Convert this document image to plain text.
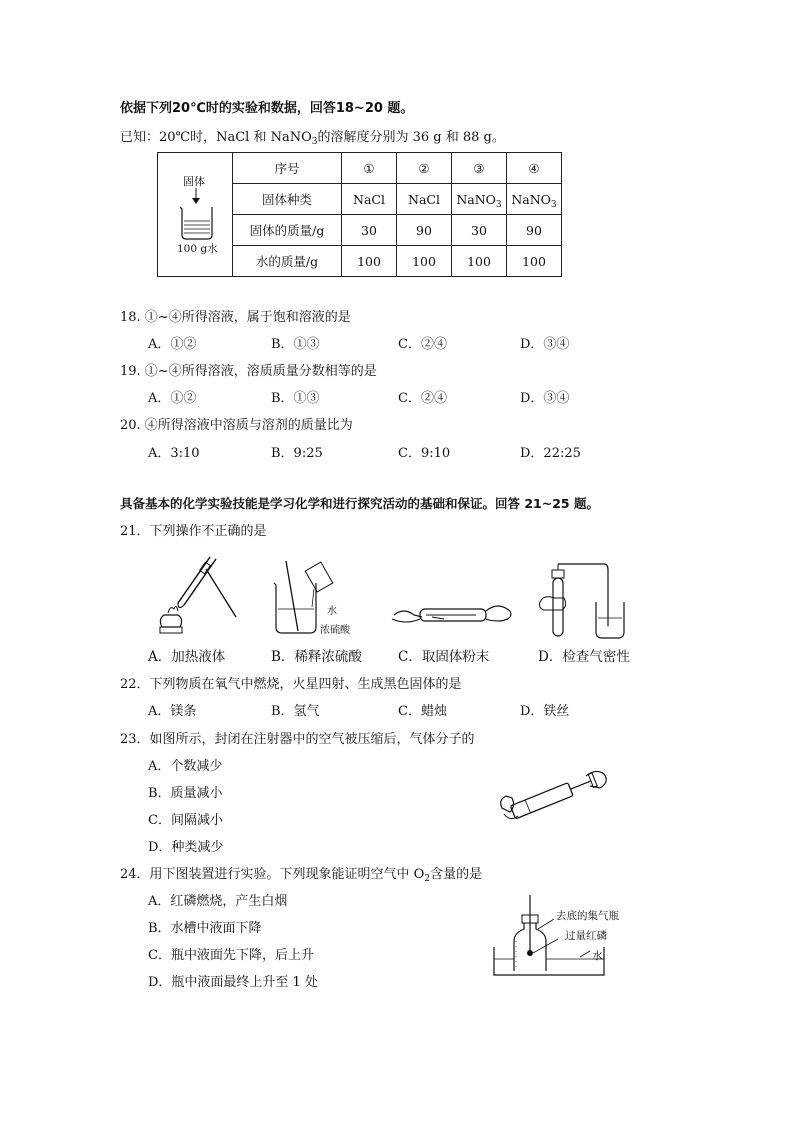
依据下列20℃时的实验和数据，回答18~20 题。
已知：20℃时，NaCl 和 NaNO$_3$的溶解度分别为 36 g 和 88 g。
固体
100 g水	序号	①	②	③	④
	固体种类	NaCl	NaCl	NaNO$_3$	NaNO$_3$
	固体的质量/g	30	90	30	90
	水的质量/g	100	100	100	100
18. ①~④所得溶液，属于饱和溶液的是
A．①②	B．①③	C．②④	D．③④
19. ①~④所得溶液，溶质质量分数相等的是
A．①②	B．①③	C．②④	D．③④
20. ④所得溶液中溶质与溶剂的质量比为
A．3:10	B．9:25	C．9:10	D．22:25
具备基本的化学实验技能是学习化学和进行探究活动的基础和保证。回答 21~25 题。
21．下列操作不正确的是
水
浓硫酸
A．加热液体	B．稀释浓硫酸	C．取固体粉末	D．检查气密性
22．下列物质在氧气中燃烧，火星四射、生成黑色固体的是
A．镁条	B．氢气	C．蜡烛	D．铁丝
23．如图所示，封闭在注射器中的空气被压缩后，气体分子的
A．个数减少
B．质量减小
C．间隔减小
D．种类减少
24．用下图装置进行实验。下列现象能证明空气中 $O_2$含量的是
A．红磷燃烧，产生白烟
B．水槽中液面下降
C．瓶中液面先下降，后上升
D．瓶中液面最终上升至 1 处
去底的集气瓶
过量红磷
水
